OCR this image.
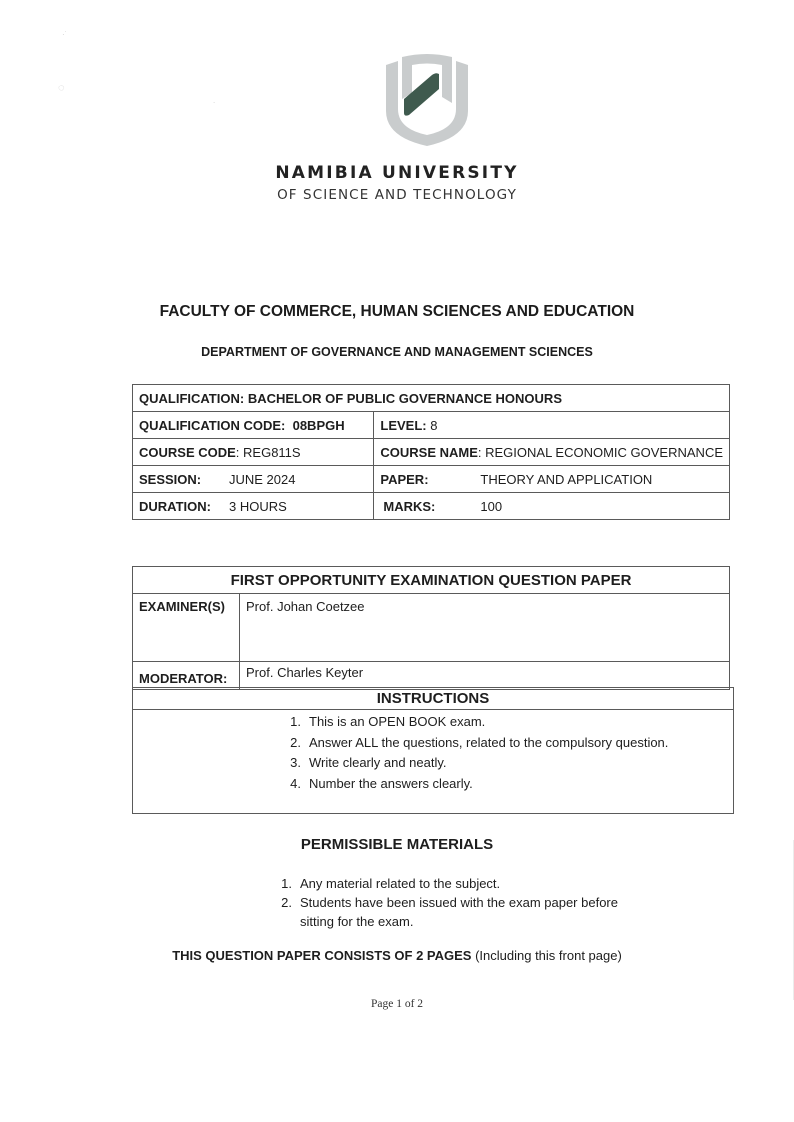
·˙
◌
.
NAMIBIA UNIVERSITY
OF SCIENCE AND TECHNOLOGY
FACULTY OF COMMERCE, HUMAN SCIENCES AND EDUCATION
DEPARTMENT OF GOVERNANCE AND MANAGEMENT SCIENCES
QUALIFICATION: BACHELOR OF PUBLIC GOVERNANCE HONOURS	
QUALIFICATION CODE: 08BPGH	LEVEL: 8
COURSE CODE: REG811S	COURSE NAME: REGIONAL ECONOMIC GOVERNANCE
SESSION: JUNE 2024	PAPER: THEORY AND APPLICATION
DURATION: 3 HOURS	MARKS: 100
FIRST OPPORTUNITY EXAMINATION QUESTION PAPER	
EXAMINER(S)	Prof. Johan Coetzee
MODERATOR:	Prof. Charles Keyter
INSTRUCTIONS
1. This is an OPEN BOOK exam.
2. Answer ALL the questions, related to the compulsory question.
3. Write clearly and neatly.
4. Number the answers clearly.
PERMISSIBLE MATERIALS
1. Any material related to the subject.
2. Students have been issued with the exam paper before
sitting for the exam.
THIS QUESTION PAPER CONSISTS OF 2 PAGES (Including this front page)
Page 1 of 2
